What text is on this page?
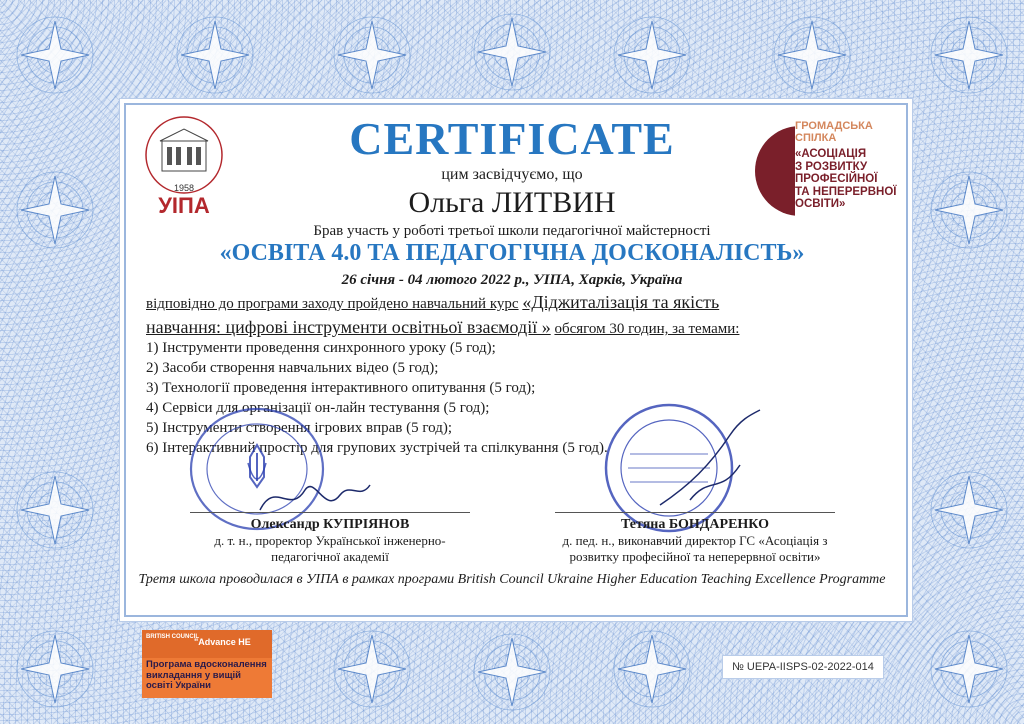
1958
УІПА
ГРОМАДСЬКА
СПІЛКА
«АСОЦІАЦІЯ
З РОЗВИТКУ
ПРОФЕСІЙНОЇ
ТА НЕПЕРЕРВНОЇ
ОСВІТИ»
CERTIFICATE
цим засвідчуємо, що
Ольга ЛИТВИН
Брав участь у роботі третьої школи педагогічної майстерності
«ОСВІТА 4.0 ТА ПЕДАГОГІЧНА ДОСКОНАЛІСТЬ»
26 січня - 04 лютого 2022 р., УІПА, Харків, Україна
відповідно до програми заходу пройдено навчальний курс «Діджиталізація та якість
навчання: цифрові інструменти освітньої взаємодії » обсягом 30 годин, за темами:
1) Інструменти проведення синхронного уроку (5 год);
2) Засоби створення навчальних відео (5 год);
3) Технології проведення інтерактивного опитування (5 год);
4) Сервіси для організації он-лайн тестування (5 год);
5) Інструменти створення ігрових вправ (5 год);
6) Інтерактивний простір для групових зустрічей та спілкування (5 год).
Олександр КУПРІЯНОВ
д. т. н., проректор Української інженерно-
педагогічної академії
Тетяна БОНДАРЕНКО
д. пед. н., виконавчий директор ГС «Асоціація з
розвитку професійної та неперервної освіти»
Третя школа проводилася в УІПА в рамках програми British Council Ukraine Higher Education Teaching Excellence Programme
BRITISH COUNCIL
"Advance HE
Програма вдосконалення викладання у вищій освіті України
№ UEPA-IISPS-02-2022-014
